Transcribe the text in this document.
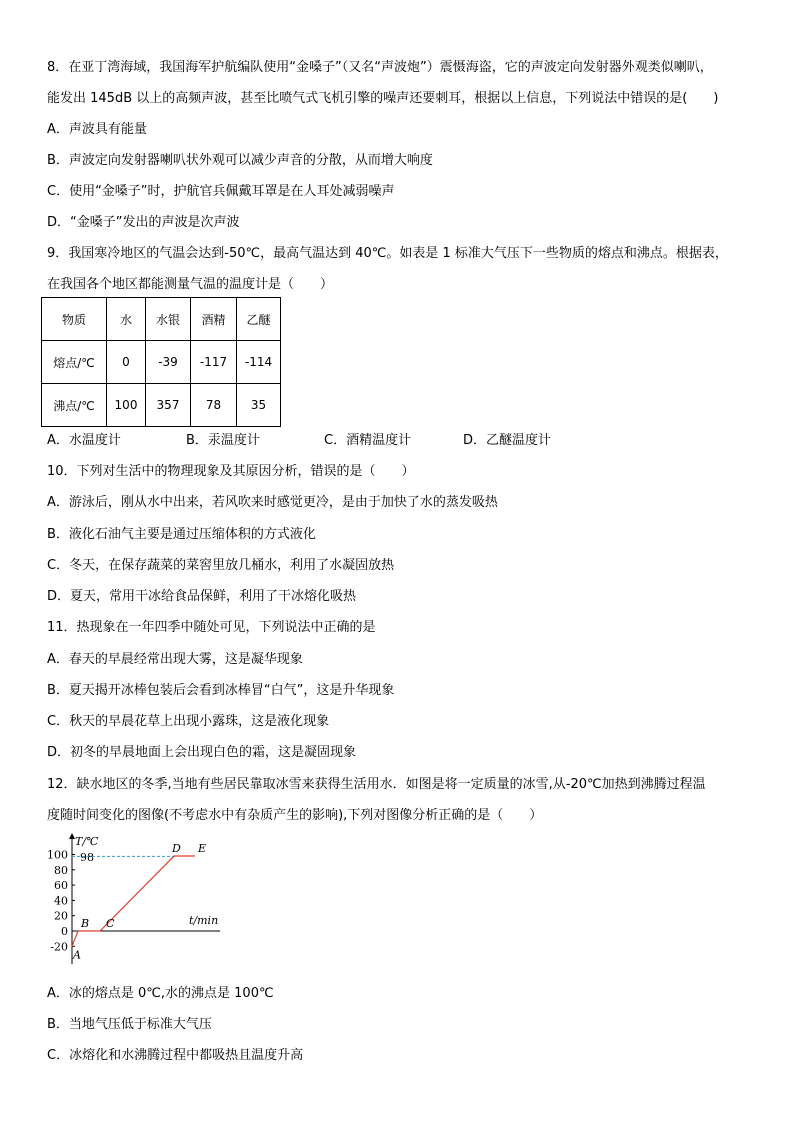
8．在亚丁湾海域，我国海军护航编队使用“金嗓子”（又名“声波炮”）震慑海盗，它的声波定向发射器外观类似喇叭，
能发出 145dB 以上的高频声波，甚至比喷气式飞机引擎的噪声还要刺耳，根据以上信息，下列说法中错误的是(　　)
A．声波具有能量
B．声波定向发射器喇叭状外观可以减少声音的分散，从而增大响度
C．使用“金嗓子”时，护航官兵佩戴耳罩是在人耳处减弱噪声
D．“金嗓子”发出的声波是次声波
9．我国寒冷地区的气温会达到-50℃，最高气温达到 40℃。如表是 1 标准大气压下一些物质的熔点和沸点。根据表，
在我国各个地区都能测量气温的温度计是（　　）
物质	水	水银	酒精	乙醚
熔点/℃	0	-39	-117	-114
沸点/℃	100	357	78	35
A．水温度计	B．汞温度计	C．酒精温度计	D．乙醚温度计
10．下列对生活中的物理现象及其原因分析，错误的是（　　）
A．游泳后，刚从水中出来，若风吹来时感觉更冷，是由于加快了水的蒸发吸热
B．液化石油气主要是通过压缩体积的方式液化
C．冬天，在保存蔬菜的菜窖里放几桶水，利用了水凝固放热
D．夏天，常用干冰给食品保鲜，利用了干冰熔化吸热
11．热现象在一年四季中随处可见，下列说法中正确的是
A．春天的早晨经常出现大雾，这是凝华现象
B．夏天揭开冰棒包装后会看到冰棒冒“白气”，这是升华现象
C．秋天的早晨花草上出现小露珠，这是液化现象
D．初冬的早晨地面上会出现白色的霜，这是凝固现象
12．缺水地区的冬季,当地有些居民靠取冰雪来获得生活用水．如图是将一定质量的冰雪,从-20℃加热到沸腾过程温
度随时间变化的图像(不考虑水中有杂质产生的影响),下列对图像分析正确的是（　　）
T/℃
t/min
100
80
60
40
20
0
-20
98
A
B C
D E
A．冰的熔点是 0℃,水的沸点是 100℃
B．当地气压低于标准大气压
C．冰熔化和水沸腾过程中都吸热且温度升高
